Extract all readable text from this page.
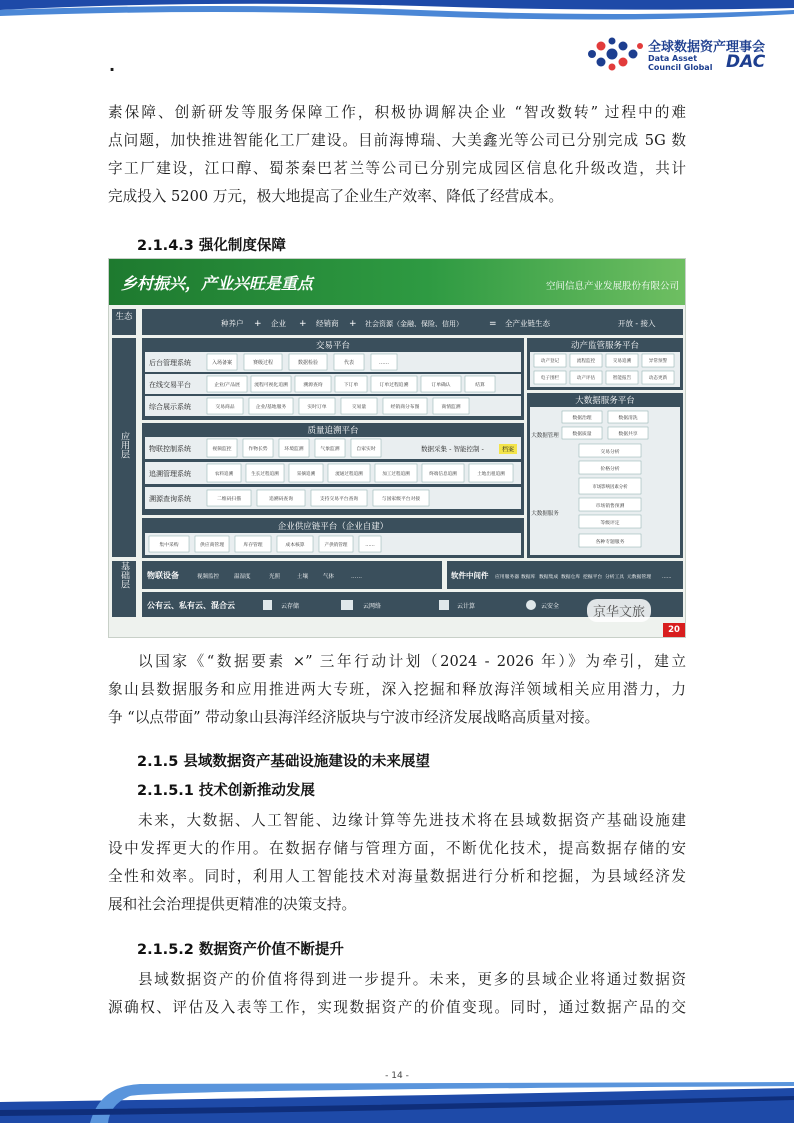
.
全球数据资产理事会
Data Asset
Council Global DAC
素保障、创新研发等服务保障工作，积极协调解决企业 “智改数转” 过程中的难
点问题，加快推进智能化工厂建设。目前海博瑞、大美鑫光等公司已分别完成 5G 数
字工厂建设，江口醇、蜀茶秦巴茗兰等公司已分别完成园区信息化升级改造，共计
完成投入 5200 万元，极大地提高了企业生产效率、降低了经营成本。
2.1.4.3 强化制度保障
乡村振兴，产业兴旺是重点	空间信息产业发展股份有限公司
生态
应用层
基础层
种养户 + 企业 + 经销商 + 社会资源（金融、保险、信用）	= 全产业链生态	开放 - 接入
交易平台
后台管理系统	入场备案	赛级过程	数据检验	代表	……
在线交易平台	企业/产品展	流程可视化追溯	溯源查询	下订单	订单过程追溯	订单确认	结算
综合展示系统	交易商品	企业/基地服务	实时订单	交易量	经销商分布图	商情监测
质量追溯平台
物联控制系统	视频监控	作物长势	环境监测	气象监测	自家实时	数据采集 - 智能控制 -	档案
追溯管理系统	农料追溯	生长过程追溯	采摘追溯	流通过程追溯	加工过程追溯	终端信息追溯	土地出租追溯
溯源查询系统	二维码扫描	追溯码查询	支持交易平台查询	与国家级平台对接
企业供应链平台（企业自建）
集中采购	供应商管理	库存管理	成本核算	产供销管理	……
动产监管服务平台
动产登记	流程监控	交易追溯	异常预警
电子围栏	动产评估	智能报告	动态更新
大数据服务平台
大数据管理
数据治理	数据清洗
数据质量	数据共享
大数据服务
交易分析
价格分析
市场影响因素分析
市场销售预测
等级评定
各种专题服务
物联设备	视频监控	温湿度	光照	土壤	气体	……	软件中间件 应用服务器 数据库 数据集成 数据仓库 挖掘平台 分析工具 元数据管理 ……
公有云、私有云、混合云	云存储	云网络	云计算	云安全	京华文旅
20
以国家《“数据要素 ×” 三年行动计划（2024 - 2026 年）》为牵引，建立
象山县数据服务和应用推进两大专班，深入挖掘和释放海洋领域相关应用潜力，力
争 “以点带面” 带动象山县海洋经济版块与宁波市经济发展战略高质量对接。
2.1.5 县域数据资产基础设施建设的未来展望
2.1.5.1 技术创新推动发展
未来，大数据、人工智能、边缘计算等先进技术将在县域数据资产基础设施建
设中发挥更大的作用。在数据存储与管理方面，不断优化技术，提高数据存储的安
全性和效率。同时，利用人工智能技术对海量数据进行分析和挖掘，为县域经济发
展和社会治理提供更精准的决策支持。
2.1.5.2 数据资产价值不断提升
县域数据资产的价值将得到进一步提升。未来，更多的县域企业将通过数据资
源确权、评估及入表等工作，实现数据资产的价值变现。同时，通过数据产品的交
- 14 -
